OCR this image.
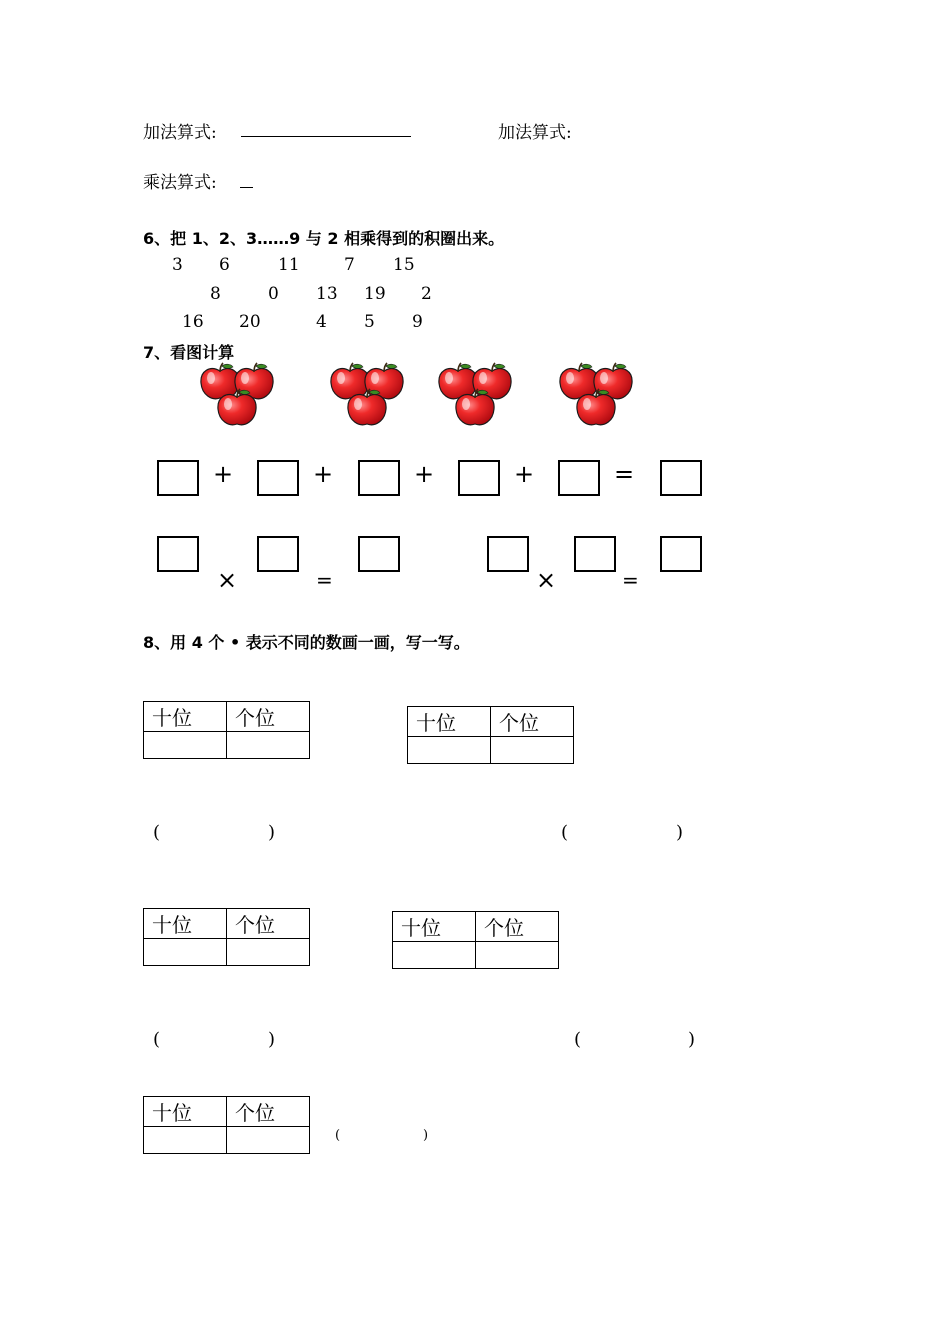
加法算式:	加法算式:
乘法算式:
6、把 1、2、3……9 与 2 相乘得到的积圈出来。
3 6	11	7 15
8	0 13 19 2
16 20	4 5 9
7、看图计算
+	+	+	+	=
×	=	×	=
8、用 4 个 • 表示不同的数画一画，写一写。
十位	个位
		十位	个位

(	)	(	)
十位	个位
		十位	个位

(	)	(	)
十位	个位

(	)
